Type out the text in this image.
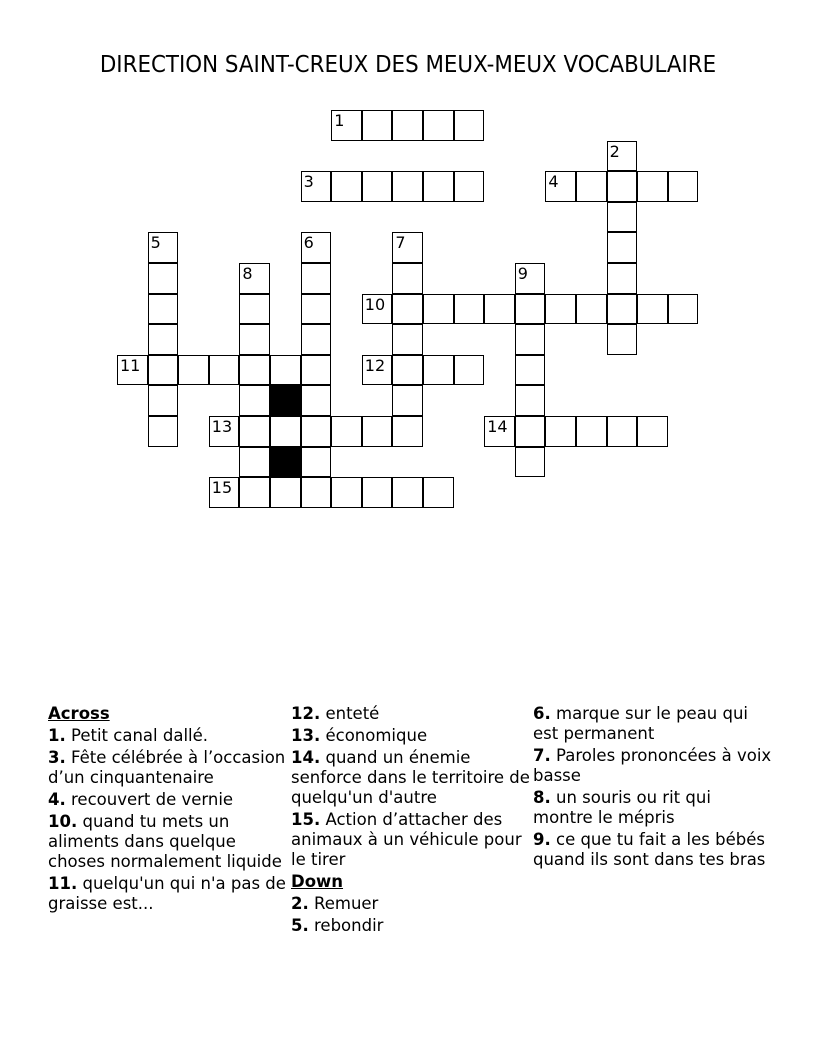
DIRECTION SAINT-CREUX DES MEUX-MEUX VOCABULAIRE
1
2
3	4
5	6	7
8	9
10
11	12
13	14
15
Across
1. Petit canal dallé.
3. Fête célébrée à l’occasion d’un cinquantenaire
4. recouvert de vernie
10. quand tu mets un aliments dans quelque choses normalement liquide
11. quelqu'un qui n'a pas de graisse est...
12. enteté
13. économique
14. quand un énemie senforce dans le territoire de quelqu'un d'autre
15. Action d’attacher des animaux à un véhicule pour le tirer
Down
2. Remuer
5. rebondir
6. marque sur le peau qui est permanent
7. Paroles prononcées à voix basse
8. un souris ou rit qui montre le mépris
9. ce que tu fait a les bébés quand ils sont dans tes bras
